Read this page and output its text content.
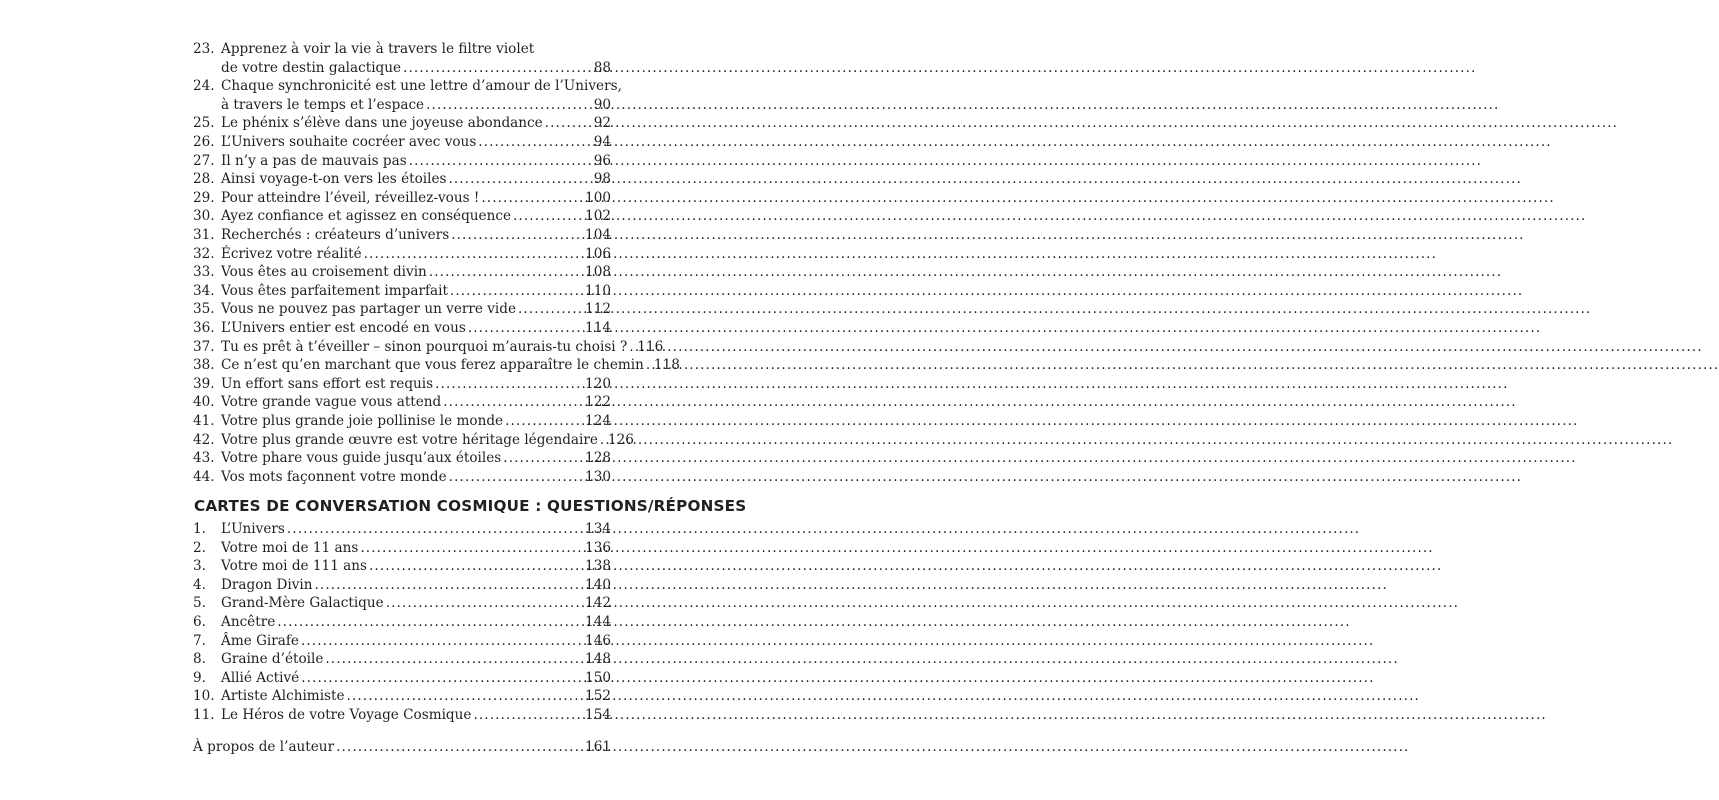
23. Apprenez à voir la vie à travers le filtre violet
de votre destin galactique .....	88
24. Chaque synchronicité est une lettre d’amour de l’Univers,
à travers le temps et l’espace .....	90
25. Le phénix s’élève dans une joyeuse abondance .....	92
26. L’Univers souhaite cocréer avec vous .....	94
27. Il n’y a pas de mauvais pas .....	96
28. Ainsi voyage-t-on vers les étoiles .....	98
29. Pour atteindre l’éveil, réveillez-vous ! .....	100
30. Ayez confiance et agissez en conséquence .....	102
31. Recherchés : créateurs d’univers .....	104
32. Écrivez votre réalité .....	106
33. Vous êtes au croisement divin .....	108
34. Vous êtes parfaitement imparfait .....	110
35. Vous ne pouvez pas partager un verre vide .....	112
36. L’Univers entier est encodé en vous .....	114
37. Tu es prêt à t’éveiller – sinon pourquoi m’aurais-tu choisi ? ..... 116
38. Ce n’est qu’en marchant que vous ferez apparaître le chemin ..... 118
39. Un effort sans effort est requis .....	120
40. Votre grande vague vous attend .....	122
41. Votre plus grande joie pollinise le monde .....	124
42. Votre plus grande œuvre est votre héritage légendaire ..... 126
43. Votre phare vous guide jusqu’aux étoiles .....	128
44. Vos mots façonnent votre monde .....	130
CARTES DE CONVERSATION COSMIQUE : QUESTIONS/RÉPONSES
1.	L’Univers .....	134
2.	Votre moi de 11 ans .....	136
3.	Votre moi de 111 ans .....	138
4.	Dragon Divin .....	140
5.	Grand-Mère Galactique .....	142
6.	Ancêtre .....	144
7.	Âme Girafe .....	146
8.	Graine d’étoile .....	148
9.	Allié Activé .....	150
10. Artiste Alchimiste .....	152
11. Le Héros de votre Voyage Cosmique .....	154
À propos de l’auteur .....	161
